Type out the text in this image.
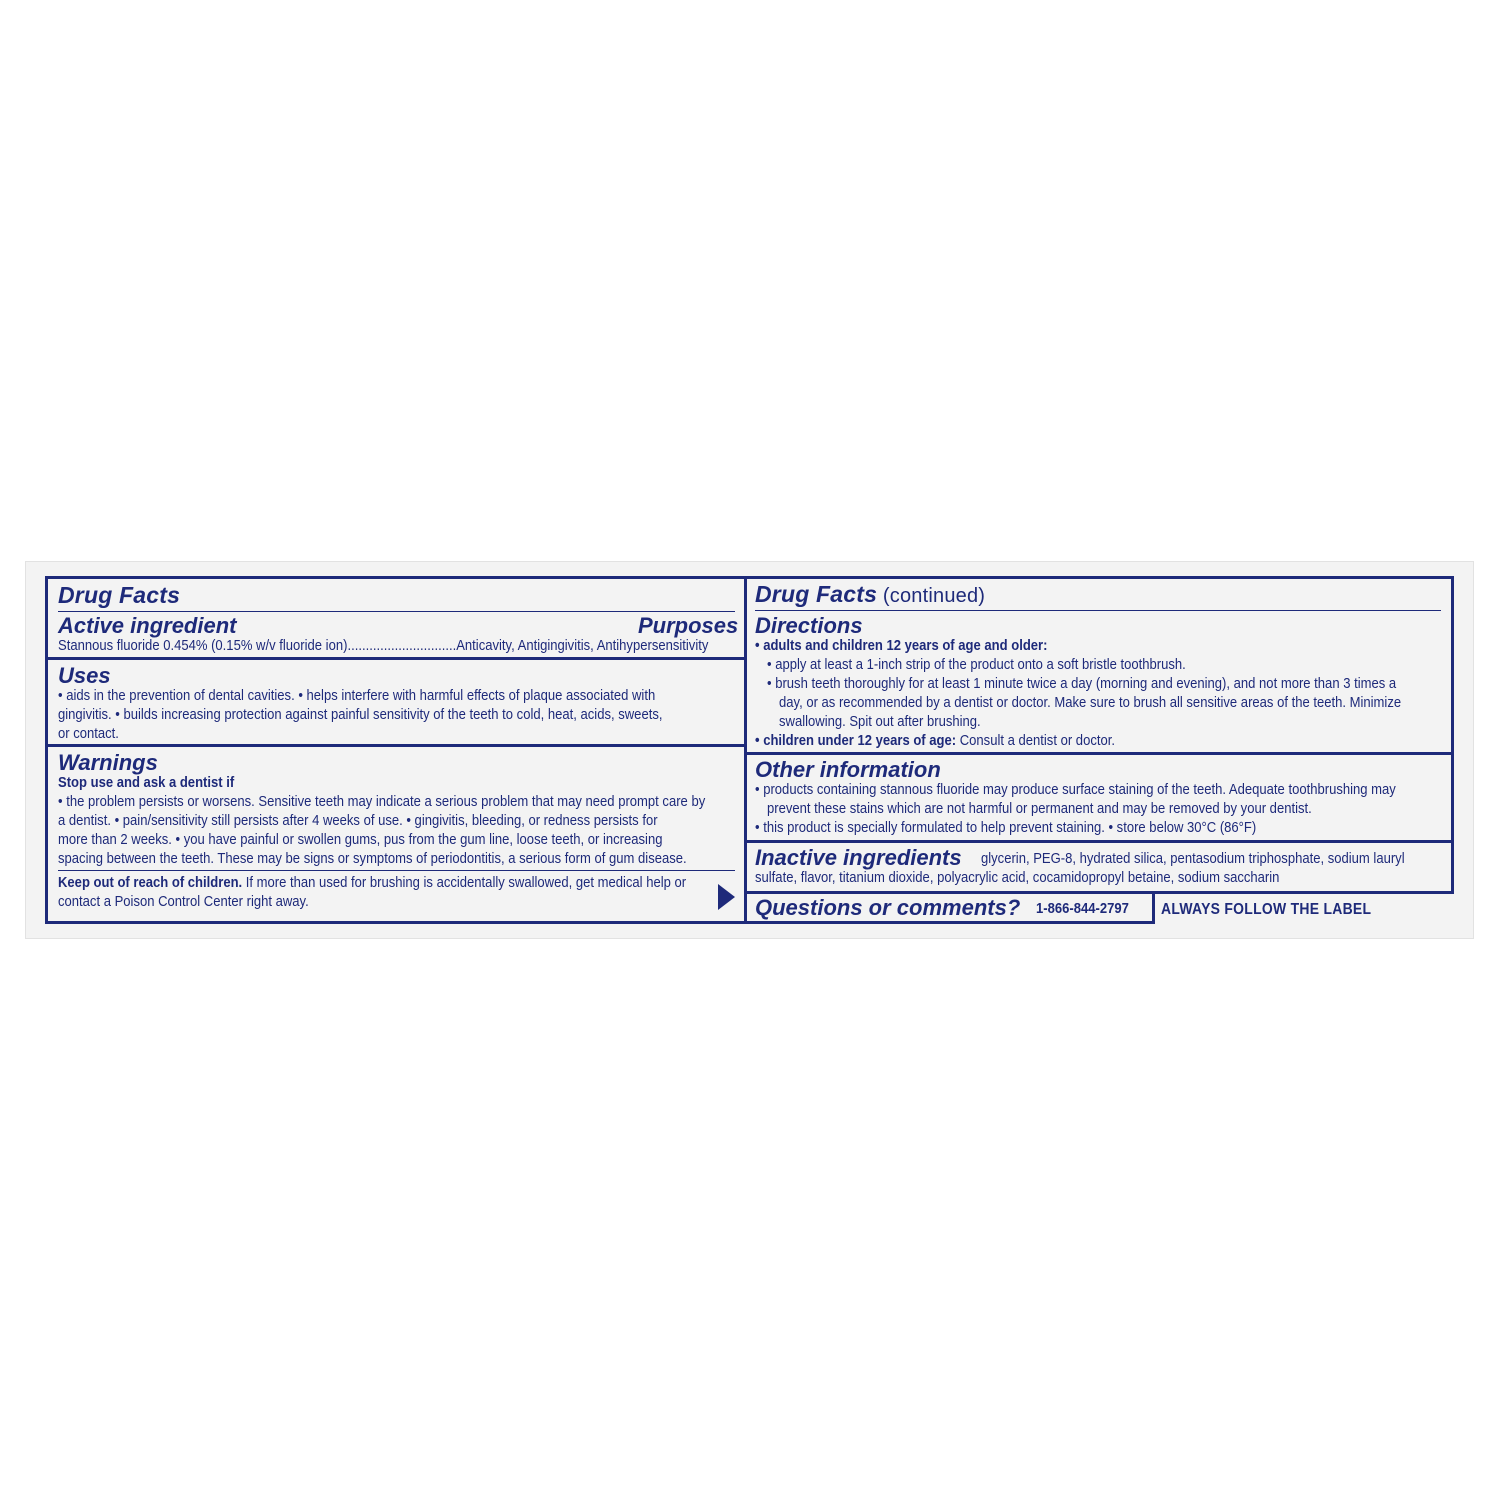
Drug Facts
Active ingredient	Purposes
Stannous fluoride 0.454% (0.15% w/v fluoride ion)..............................Anticavity, Antigingivitis, Antihypersensitivity
Uses
• aids in the prevention of dental cavities. • helps interfere with harmful effects of plaque associated with
gingivitis. • builds increasing protection against painful sensitivity of the teeth to cold, heat, acids, sweets,
or contact.
Warnings
Stop use and ask a dentist if
• the problem persists or worsens. Sensitive teeth may indicate a serious problem that may need prompt care by
a dentist. • pain/sensitivity still persists after 4 weeks of use. • gingivitis, bleeding, or redness persists for
more than 2 weeks. • you have painful or swollen gums, pus from the gum line, loose teeth, or increasing
spacing between the teeth. These may be signs or symptoms of periodontitis, a serious form of gum disease.
Keep out of reach of children. If more than used for brushing is accidentally swallowed, get medical help or
contact a Poison Control Center right away.
Drug Facts (continued)
Directions
• adults and children 12 years of age and older:
• apply at least a 1-inch strip of the product onto a soft bristle toothbrush.
• brush teeth thoroughly for at least 1 minute twice a day (morning and evening), and not more than 3 times a
day, or as recommended by a dentist or doctor. Make sure to brush all sensitive areas of the teeth. Minimize
swallowing. Spit out after brushing.
• children under 12 years of age: Consult a dentist or doctor.
Other information
• products containing stannous fluoride may produce surface staining of the teeth. Adequate toothbrushing may
prevent these stains which are not harmful or permanent and may be removed by your dentist.
• this product is specially formulated to help prevent staining. • store below 30°C (86°F)
Inactive ingredients glycerin, PEG-8, hydrated silica, pentasodium triphosphate, sodium lauryl
sulfate, flavor, titanium dioxide, polyacrylic acid, cocamidopropyl betaine, sodium saccharin
Questions or comments? 1-866-844-2797 ALWAYS FOLLOW THE LABEL
